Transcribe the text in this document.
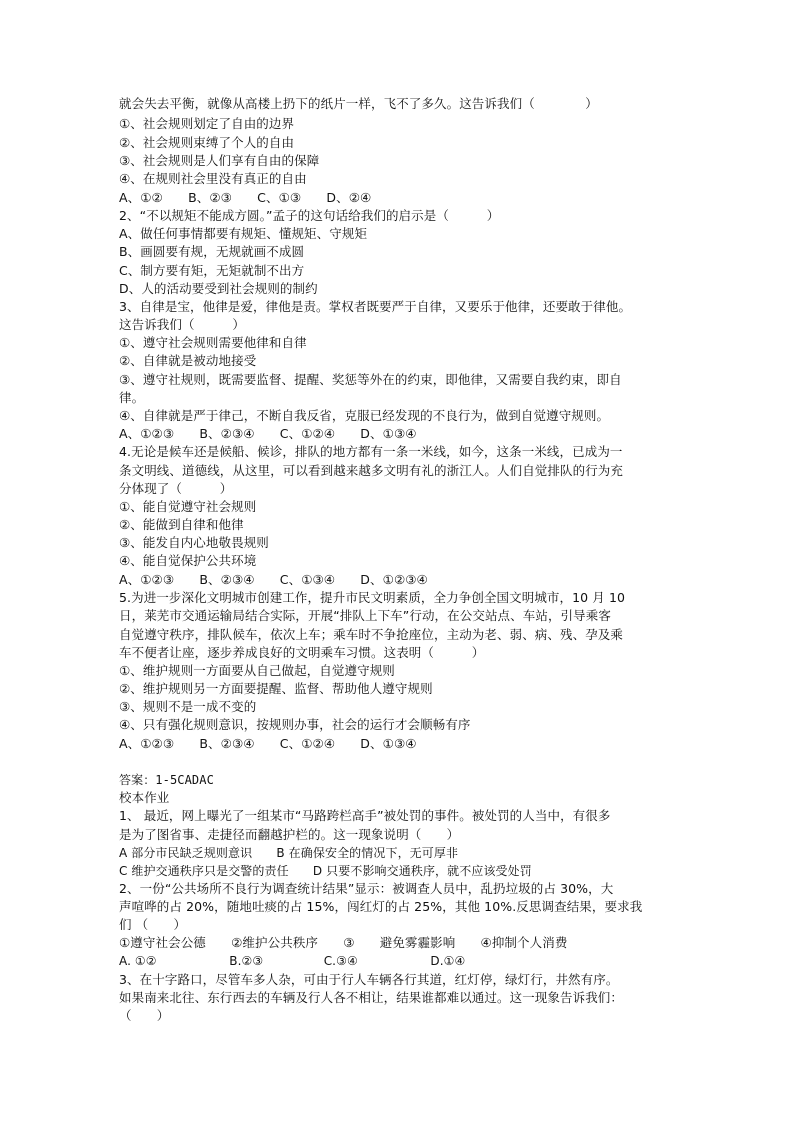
就会失去平衡，就像从高楼上扔下的纸片一样，飞不了多久。这告诉我们（　　　　）
①、社会规则划定了自由的边界
②、社会规则束缚了个人的自由
③、社会规则是人们享有自由的保障
④、在规则社会里没有真正的自由
A、①②　　B、②③　　C、①③　　D、②④
2、“不以规矩不能成方圆。”孟子的这句话给我们的启示是（　　　）
A、做任何事情都要有规矩、懂规矩、守规矩
B、画圆要有规，无规就画不成圆
C、制方要有矩，无矩就制不出方
D、人的活动要受到社会规则的制约
3、自律是宝，他律是爱，律他是责。掌权者既要严于自律，又要乐于他律，还要敢于律他。
这告诉我们（　　　）
①、遵守社会规则需要他律和自律
②、自律就是被动地接受
③、遵守社规则，既需要监督、提醒、奖惩等外在的约束，即他律，又需要自我约束，即自
律。
④、自律就是严于律己，不断自我反省，克服已经发现的不良行为，做到自觉遵守规则。
A、①②③　　B、②③④　　C、①②④　　D、①③④
4.无论是候车还是候船、候诊，排队的地方都有一条一米线，如今，这条一米线，已成为一
条文明线、道德线，从这里，可以看到越来越多文明有礼的浙江人。人们自觉排队的行为充
分体现了（　　　）
①、能自觉遵守社会规则
②、能做到自律和他律
③、能发自内心地敬畏规则
④、能自觉保护公共环境
A、①②③　　B、②③④　　C、①③④　　D、①②③④
5.为进一步深化文明城市创建工作，提升市民文明素质，全力争创全国文明城市，10 月 10
日，莱芜市交通运输局结合实际，开展“排队上下车”行动，在公交站点、车站，引导乘客
自觉遵守秩序，排队候车，依次上车；乘车时不争抢座位，主动为老、弱、病、残、孕及乘
车不便者让座，逐步养成良好的文明乘车习惯。这表明（　　　）
①、维护规则一方面要从自己做起，自觉遵守规则
②、维护规则另一方面要提醒、监督、帮助他人遵守规则
③、规则不是一成不变的
④、只有强化规则意识，按规则办事，社会的运行才会顺畅有序
A、①②③　　B、②③④　　C、①②④　　D、①③④
答案：1-5CADAC
校本作业
1、 最近，网上曝光了一组某市“马路跨栏高手”被处罚的事件。被处罚的人当中，有很多
是为了图省事、走捷径而翻越护栏的。这一现象说明（　　）
A 部分市民缺乏规则意识　　B 在确保安全的情况下，无可厚非
C 维护交通秩序只是交警的责任　　D 只要不影响交通秩序，就不应该受处罚
2、一份“公共场所不良行为调查统计结果”显示：被调查人员中，乱扔垃圾的占 30%，大
声喧哗的占 20%，随地吐痰的占 15%，闯红灯的占 25%，其他 10%.反思调查结果，要求我
们 （　　）
①遵守社会公德　　②维护公共秩序　　③　　避免雾霾影响　　④抑制个人消费
A. ①②　　　　　　B.②③　　　　　C.③④　　　　　　D.①④
3、在十字路口，尽管车多人杂，可由于行人车辆各行其道，红灯停，绿灯行，井然有序。
如果南来北往、东行西去的车辆及行人各不相让，结果谁都难以通过。这一现象告诉我们：
（　　）
